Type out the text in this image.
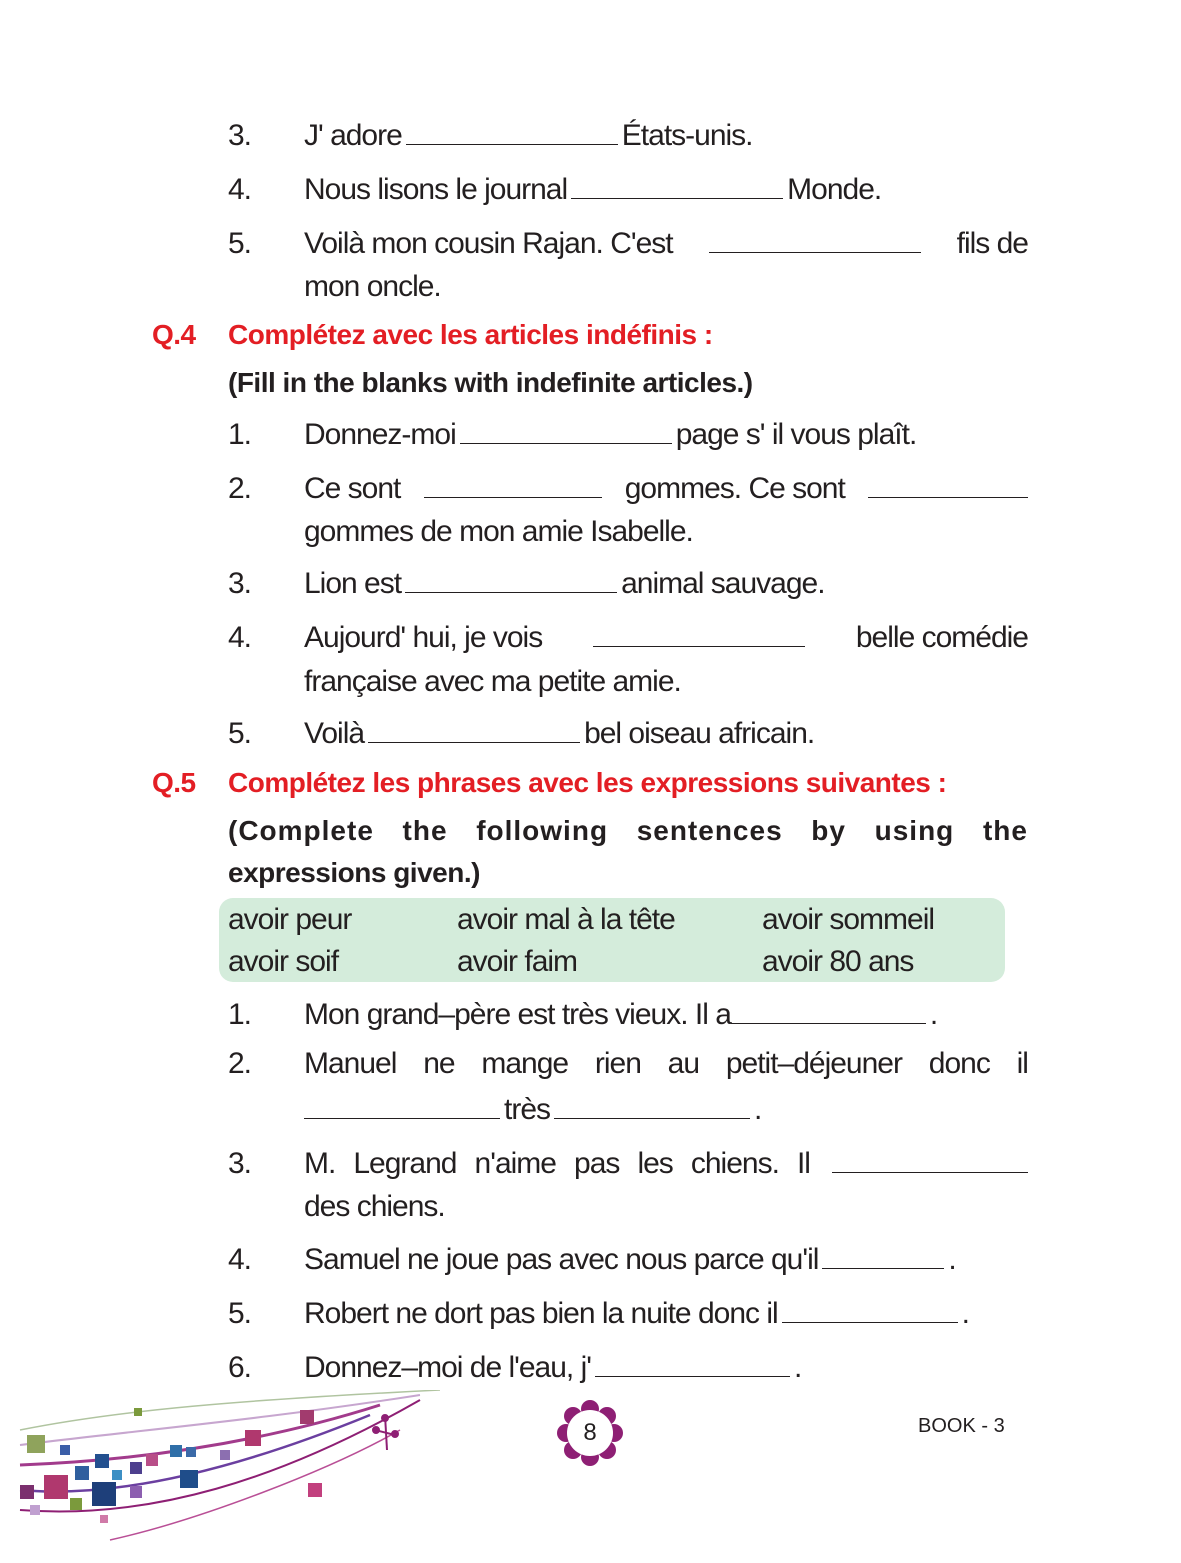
3. J' adore	États-unis.
4. Nous lisons le journal	Monde.
5. Voilà mon cousin Rajan. C'est	fils de
mon oncle.
Q.4 Complétez avec les articles indéfinis :
(Fill in the blanks with indefinite articles.)
1. Donnez-moi	page s' il vous plaît.
2. Ce sont	gommes. Ce sont
gommes de mon amie Isabelle.
3. Lion est	animal sauvage.
4. Aujourd' hui, je vois	belle comédie
française avec ma petite amie.
5. Voilà	bel oiseau africain.
Q.5 Complétez les phrases avec les expressions suivantes :
(Complete the following sentences by using the
expressions given.)
avoir peur	avoir mal à la tête	avoir sommeil
avoir soif	avoir faim	avoir 80 ans
1. Mon grand–père est très vieux. Il a	.
2. Manuel ne mange rien au petit–déjeuner donc il
très	.
3. M. Legrand n'aime pas les chiens. Il
des chiens.
4. Samuel ne joue pas avec nous parce qu'il	.
5. Robert ne dort pas bien la nuite donc il	.
6. Donnez–moi de l'eau, j'	.
8	BOOK - 3
